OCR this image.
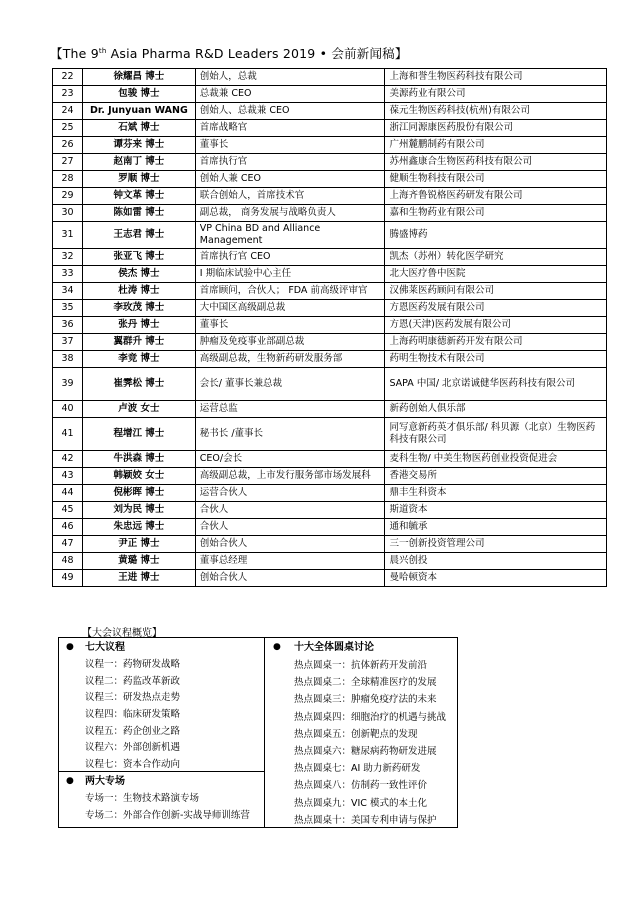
【The 9th Asia Pharma R&D Leaders 2019 • 会前新闻稿】
22	徐耀昌 博士	创始人，总裁	上海和誉生物医药科技有限公司
23	包骏 博士	总裁兼 CEO	美源药业有限公司
24	Dr. Junyuan WANG	创始人、总裁兼 CEO	葆元生物医药科技(杭州)有限公司
25	石斌 博士	首席战略官	浙江同源康医药股份有限公司
26	谭芬来 博士	董事长	广州麓鹏制药有限公司
27	赵南丁 博士	首席执行官	苏州鑫康合生物医药科技有限公司
28	罗顺 博士	创始人兼 CEO	健顺生物科技有限公司
29	钟文革 博士	联合创始人，首席技术官	上海齐鲁锐格医药研发有限公司
30	陈如雷 博士	副总裁， 商务发展与战略负责人	嘉和生物药业有限公司
31	王志君 博士	VP China BD and Alliance Management	腾盛博药
32	张亚飞 博士	首席执行官 CEO	凯杰（苏州）转化医学研究
33	侯杰 博士	I 期临床试验中心主任	北大医疗鲁中医院
34	杜涛 博士	首席顾问，合伙人； FDA 前高级评审官	汉佛莱医药顾问有限公司
35	李玫茂 博士	大中国区高级副总裁	方恩医药发展有限公司
36	张丹 博士	董事长	方恩(天津)医药发展有限公司
37	翼群升 博士	肿瘤及免疫事业部副总裁	上海药明康德新药开发有限公司
38	李竞 博士	高级副总裁，生物新药研发服务部	药明生物技术有限公司
39	崔霁松 博士	会长/ 董事长兼总裁	SAPA 中国/ 北京诺诚健华医药科技有限公司
40	卢波 女士	运营总监	新药创始人俱乐部
41	程增江 博士	秘书长 /董事长	同写意新药英才俱乐部/ 科贝源（北京）生物医药科技有限公司
42	牛洪森 博士	CEO/会长	麦科生物/ 中美生物医药创业投资促进会
43	韩颖姣 女士	高级副总裁，上市发行服务部市场发展科	香港交易所
44	倪彬晖 博士	运营合伙人	鼎丰生科资本
45	刘为民 博士	合伙人	斯道资本
46	朱忠远 博士	合伙人	通和毓承
47	尹正 博士	创始合伙人	三一创新投资管理公司
48	黄璐 博士	董事总经理	晨兴创投
49	王进 博士	创始合伙人	曼哈顿资本
【大会议程概览】
● 七大议程
议程一：药物研发战略
议程二：药监改革新政
议程三：研发热点走势
议程四：临床研发策略
议程五：药企创业之路
议程六：外部创新机遇
议程七：资本合作动向
● 两大专场
专场一：生物技术路演专场
专场二：外部合作创新-实战导师训练营
● 十大全体圆桌讨论
热点圆桌一：抗体新药开发前沿
热点圆桌二：全球精准医疗的发展
热点圆桌三：肿瘤免疫疗法的未来
热点圆桌四：细胞治疗的机遇与挑战
热点圆桌五：创新靶点的发现
热点圆桌六：糖尿病药物研发进展
热点圆桌七：AI 助力新药研发
热点圆桌八：仿制药一致性评价
热点圆桌九：VIC 模式的本土化
热点圆桌十：美国专利申请与保护
